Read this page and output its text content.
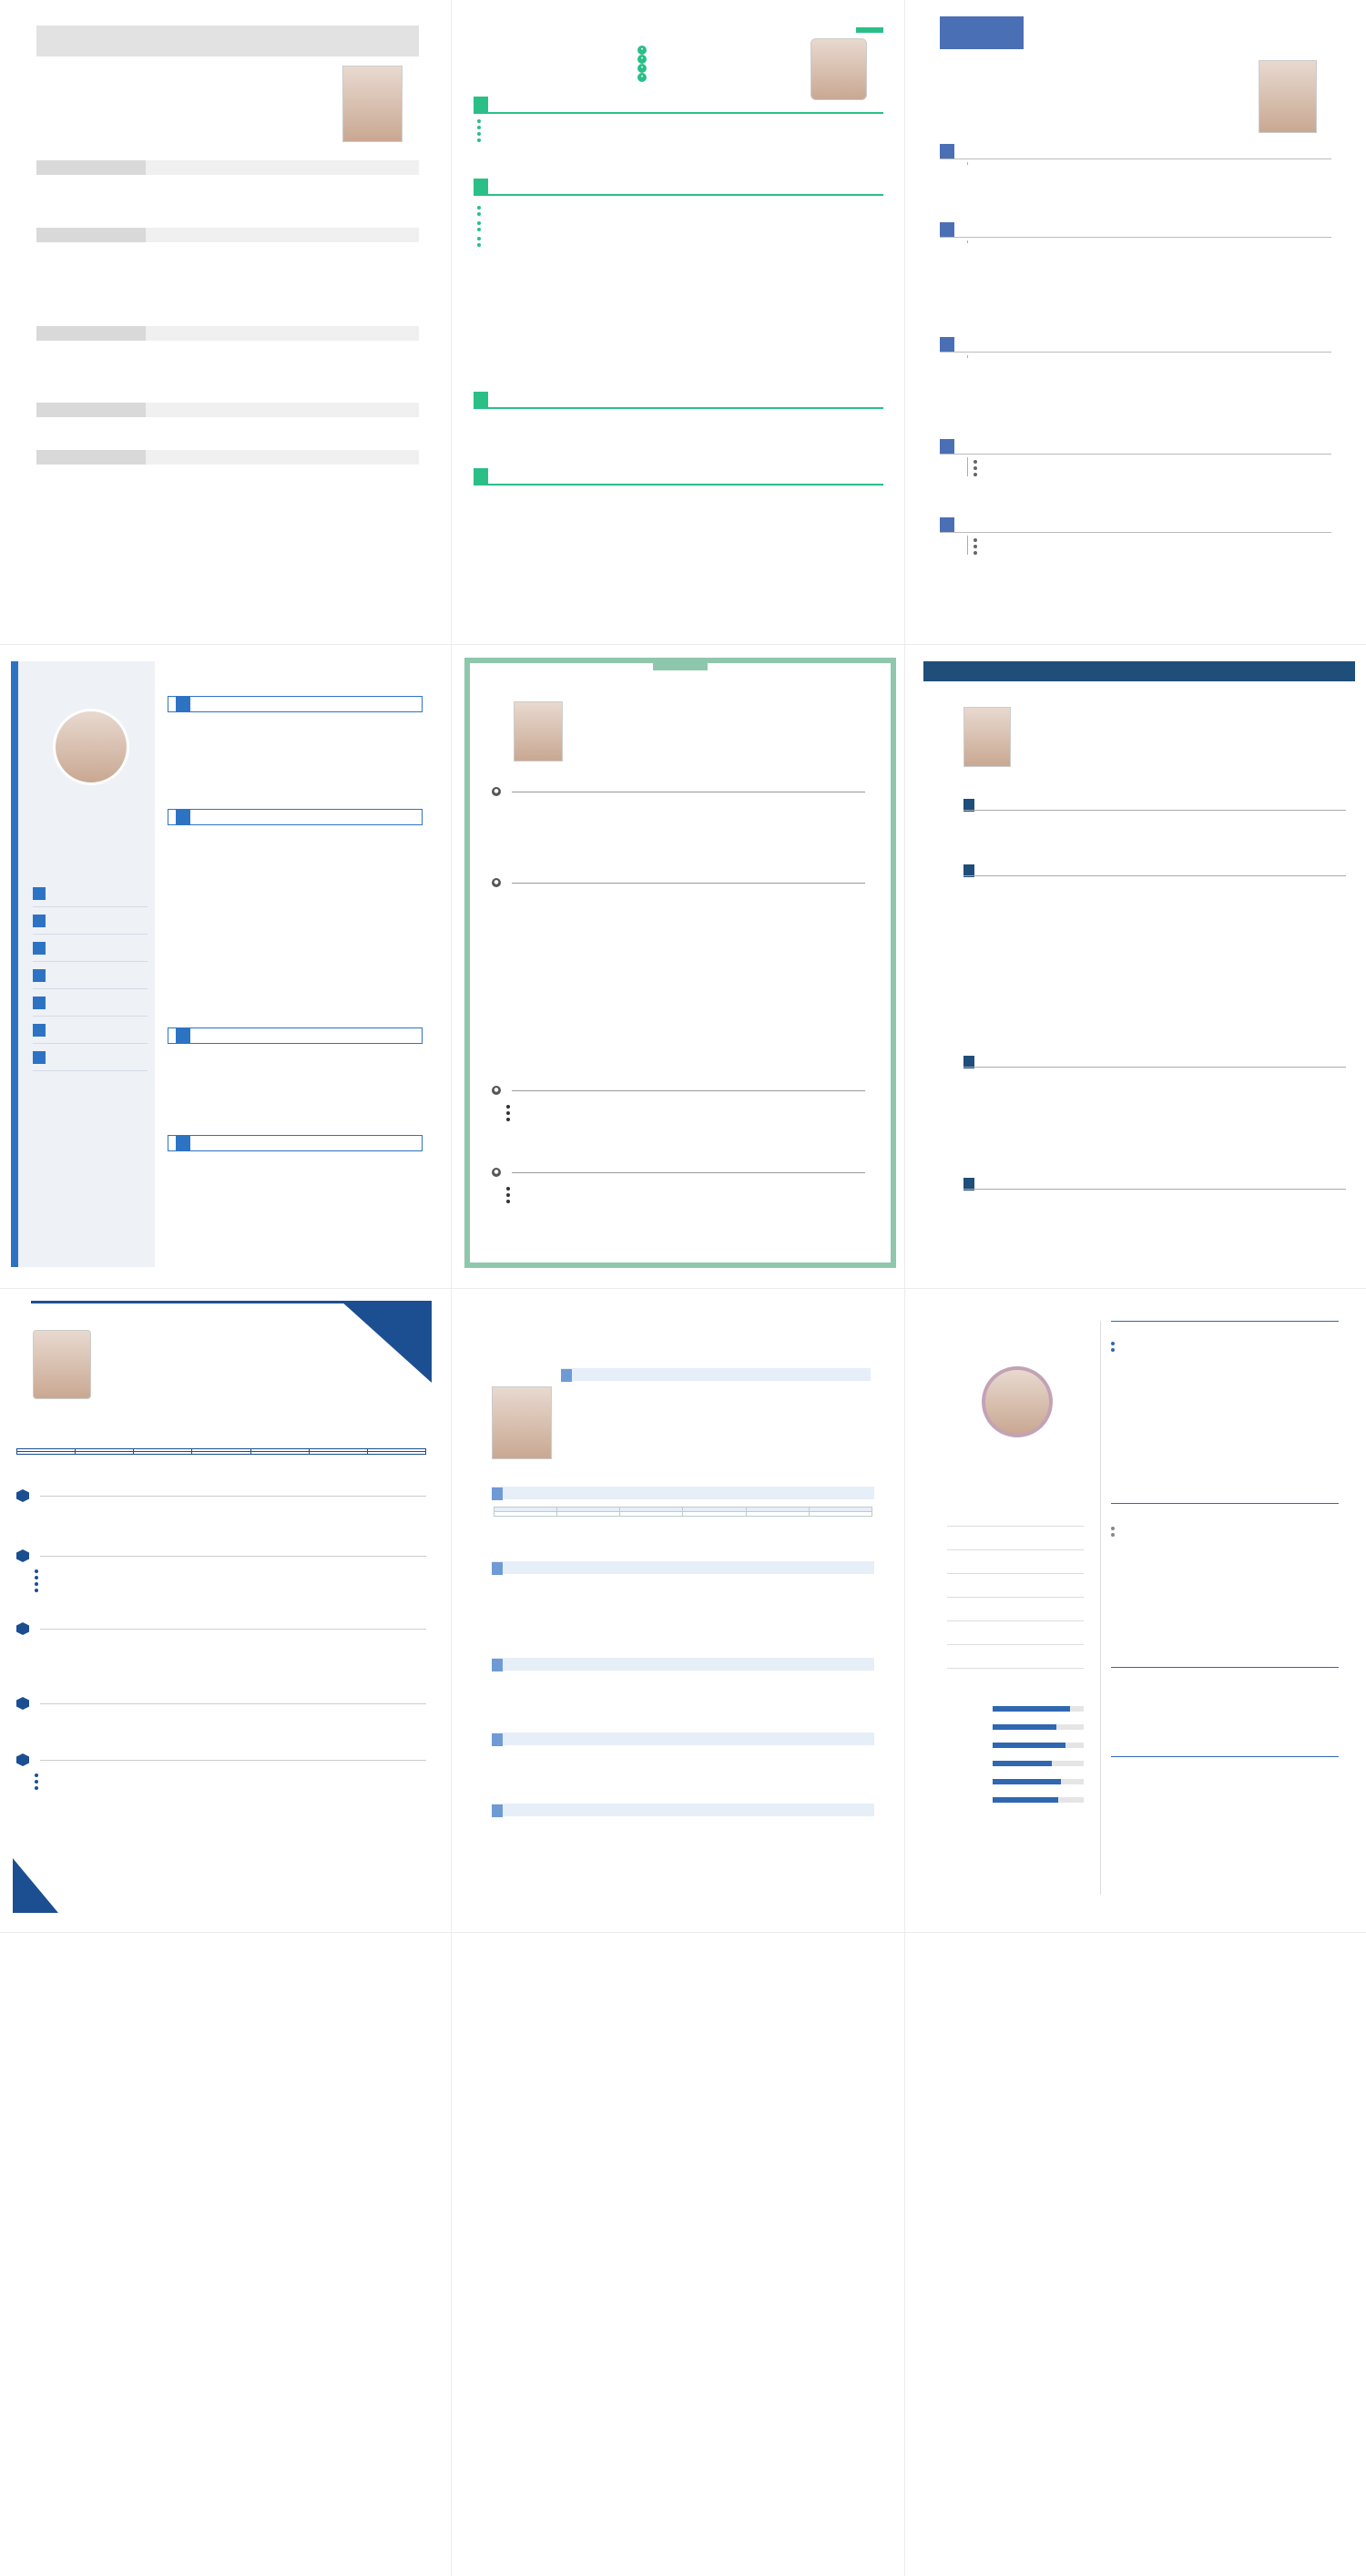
•
•
•
•
●
●
●
●
